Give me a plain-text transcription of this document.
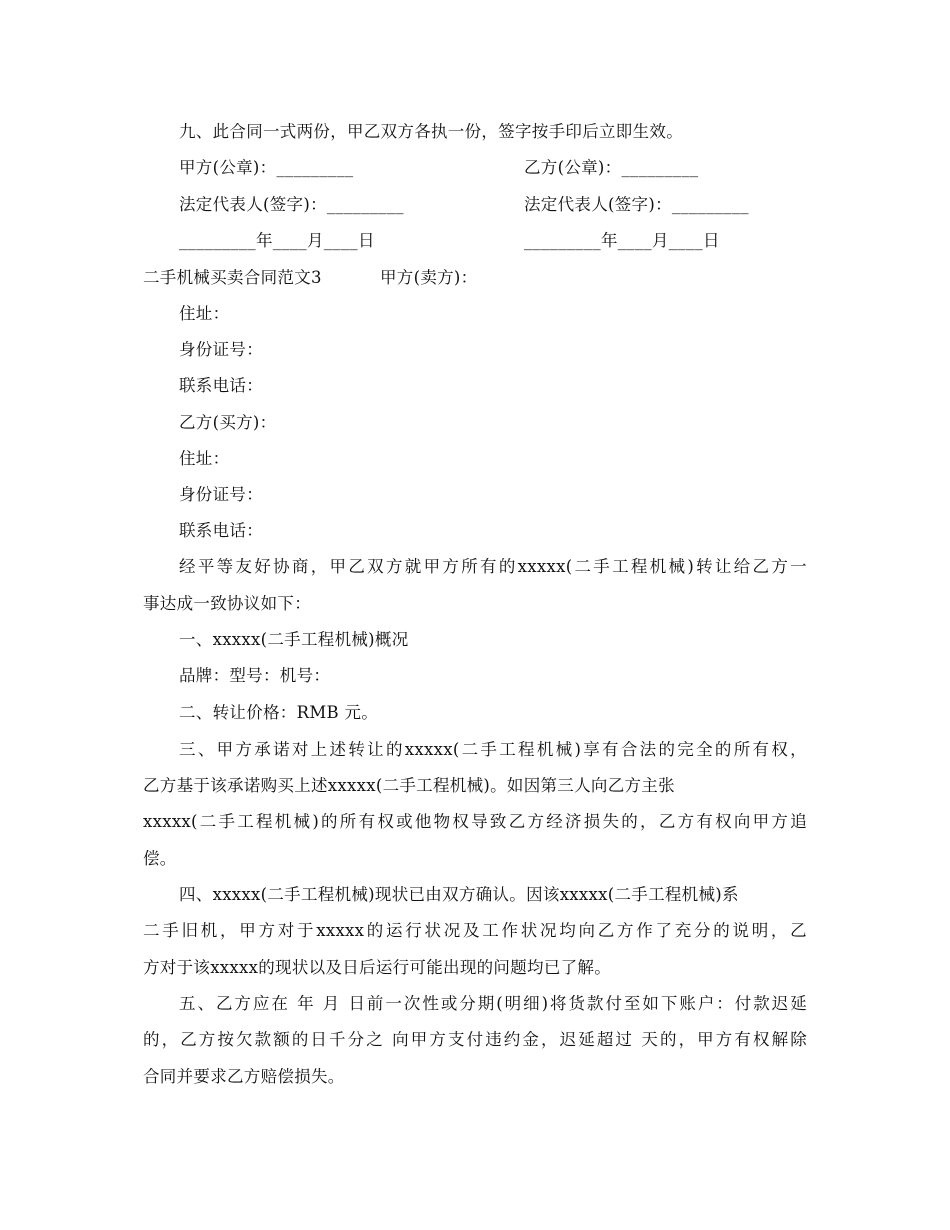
九、此合同一式两份，甲乙双方各执一份，签字按手印后立即生效。
甲方(公章)：_________	乙方(公章)：_________
法定代表人(签字)：_________	法定代表人(签字)：_________
_________年____月____日	_________年____月____日
二手机械买卖合同范文3	甲方(卖方)：
住址：
身份证号：
联系电话：
乙方(买方)：
住址：
身份证号：
联系电话：
经平等友好协商，甲乙双方就甲方所有的xxxxx(二手工程机械)转让给乙方一
事达成一致协议如下：
一、xxxxx(二手工程机械)概况
品牌：型号：机号：
二、转让价格：RMB 元。
三、甲方承诺对上述转让的xxxxx(二手工程机械)享有合法的完全的所有权，
乙方基于该承诺购买上述xxxxx(二手工程机械)。如因第三人向乙方主张
xxxxx(二手工程机械)的所有权或他物权导致乙方经济损失的，乙方有权向甲方追
偿。
四、xxxxx(二手工程机械)现状已由双方确认。因该xxxxx(二手工程机械)系
二手旧机，甲方对于xxxxx的运行状况及工作状况均向乙方作了充分的说明，乙
方对于该xxxxx的现状以及日后运行可能出现的问题均已了解。
五、乙方应在 年 月 日前一次性或分期(明细)将货款付至如下账户：付款迟延
的，乙方按欠款额的日千分之 向甲方支付违约金，迟延超过 天的，甲方有权解除
合同并要求乙方赔偿损失。
